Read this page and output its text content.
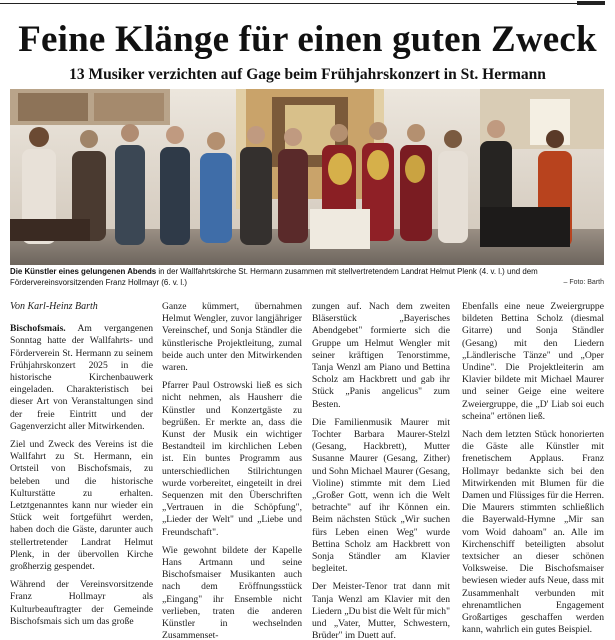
Feine Klänge für einen guten Zweck
13 Musiker verzichten auf Gage beim Frühjahrskonzert in St. Hermann
Die Künstler eines gelungenen Abends in der Wallfahrtskirche St. Hermann zusammen mit stellvertretendem Landrat Helmut Plenk (4. v. l.) und dem Fördervereinsvorsitzenden Franz Hollmayr (6. v. l.)	– Foto: Barth
Von Karl-Heinz Barth

Bischofsmais. Am vergangenen Sonntag hatte der Wallfahrts- und Förderverein St. Hermann zu seinem Frühjahrskonzert 2025 in die historische Kirchenbauwerk eingeladen. Charakteristisch bei dieser Art von Veranstaltungen sind der freie Eintritt und der Gagenverzicht aller Mitwirkenden.

Ziel und Zweck des Vereins ist die Wallfahrt zu St. Hermann, ein Ortsteil von Bischofsmais, zu beleben und die historische Kulturstätte zu erhalten. Letztgenanntes kann nur wieder ein Stück weit fortgeführt werden, haben doch die Gäste, darunter auch stellertretender Landrat Helmut Plenk, in der übervollen Kirche großherzig gespendet.

Während der Vereinsvorsitzende Franz Hollmayr als Kulturbeauftragter der Gemeinde Bischofsmais sich um das große

Ganze kümmert, übernahmen Helmut Wengler, zuvor langjähriger Vereinschef, und Sonja Ständler die künstlerische Projektleitung, zumal beide auch unter den Mitwirkenden waren.

Pfarrer Paul Ostrowski ließ es sich nicht nehmen, als Hausherr die Künstler und Konzertgäste zu begrüßen. Er merkte an, dass die Kunst der Musik ein wichtiger Bestandteil im kirchlichen Leben ist. Ein buntes Programm aus unterschiedlichen Stilrichtungen wurde vorbereitet, eingeteilt in drei Sequenzen mit den Überschriften „Vertrauen in die Schöpfung", „Lieder der Welt" und „Liebe und Freundschaft".

Wie gewohnt bildete der Kapelle Hans Artmann und seine Bischofsmaiser Musikanten auch nach dem Eröffnungsstück „Eingang" ihr Ensemble nicht verlieben, traten die anderen Künstler in wechselnden Zusammenset-

zungen auf. Nach dem zweiten Bläserstück „Bayerisches Abendgebet" formierte sich die Gruppe um Helmut Wengler mit seiner kräftigen Tenorstimme, Tanja Wenzl am Piano und Bettina Scholz am Hackbrett und gab ihr Stück „Panis angelicus" zum Besten.

Die Familienmusik Maurer mit Tochter Barbara Maurer-Stelzl (Gesang, Hackbrett), Mutter Susanne Maurer (Gesang, Zither) und Sohn Michael Maurer (Gesang, Violine) stimmte mit dem Lied „Großer Gott, wenn ich die Welt betrachte" auf ihr Können ein. Beim nächsten Stück „Wir suchen fürs Leben einen Weg" wurde Bettina Scholz am Hackbrett von Sonja Ständler am Klavier begleitet.

Der Meister-Tenor trat dann mit Tanja Wenzl am Klavier mit den Liedern „Du bist die Welt für mich" und „Vater, Mutter, Schwestern, Brüder" im Duett auf.

Ebenfalls eine neue Zweiergruppe bildeten Bettina Scholz (diesmal Gitarre) und Sonja Ständler (Gesang) mit den Liedern „Ländlerische Tänze" und „Oper Undine". Die Projektleiterin am Klavier bildete mit Michael Maurer und seiner Geige eine weitere Zweiergruppe, die „D' Liab soi euch scheina" ertönen ließ.

Nach dem letzten Stück honorierten die Gäste alle Künstler mit frenetischem Applaus. Franz Hollmayr bedankte sich bei den Mitwirkenden mit Blumen für die Damen und Flüssiges für die Herren. Die Maurers stimmten schließlich die Bayerwald-Hymne „Mir san vom Woid dahoam" an. Alle im Kirchenschiff beteiligten absolut textsicher an dieser schönen Volksweise. Die Bischofsmaiser bewiesen wieder aufs Neue, dass mit Zusammenhalt verbunden mit ehrenamtlichen Engagement Großartiges geschaffen werden kann, wahrlich ein gutes Beispiel.
